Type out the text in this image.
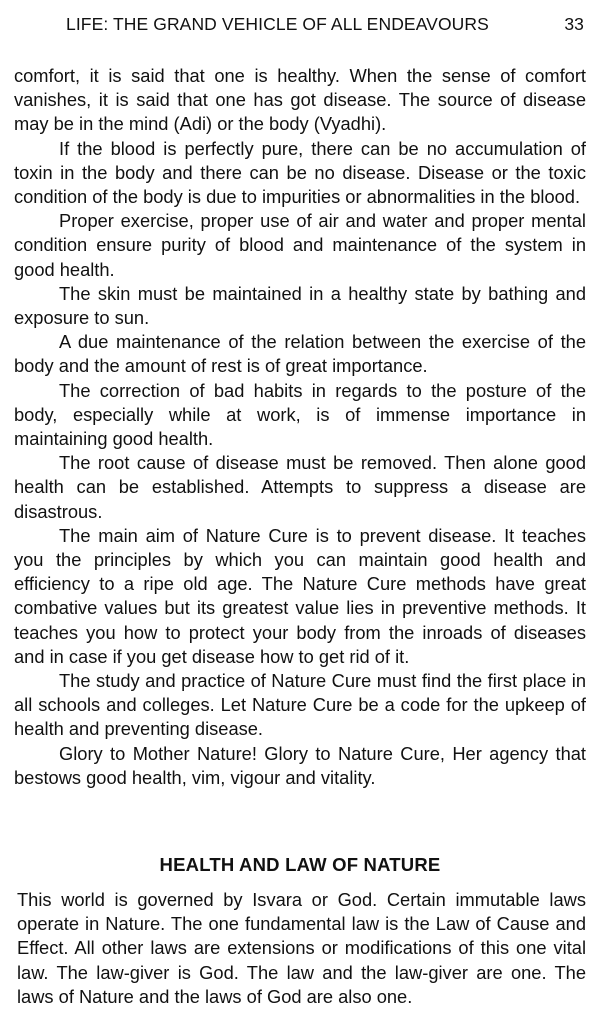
LIFE: THE GRAND VEHICLE OF ALL ENDEAVOURS	33

comfort, it is said that one is healthy. When the sense of comfort vanishes, it is said that one has got disease. The source of disease may be in the mind (Adi) or the body (Vyadhi).

If the blood is perfectly pure, there can be no accumulation of toxin in the body and there can be no disease. Disease or the toxic condition of the body is due to impurities or abnormalities in the blood.

Proper exercise, proper use of air and water and proper mental condition ensure purity of blood and maintenance of the system in good health.

The skin must be maintained in a healthy state by bathing and exposure to sun.

A due maintenance of the relation between the exercise of the body and the amount of rest is of great importance.

The correction of bad habits in regards to the posture of the body, especially while at work, is of immense importance in maintaining good health.

The root cause of disease must be removed. Then alone good health can be established. Attempts to suppress a disease are disastrous.

The main aim of Nature Cure is to prevent disease. It teaches you the principles by which you can maintain good health and efficiency to a ripe old age. The Nature Cure methods have great combative values but its greatest value lies in preventive methods. It teaches you how to protect your body from the inroads of diseases and in case if you get disease how to get rid of it.

The study and practice of Nature Cure must find the first place in all schools and colleges. Let Nature Cure be a code for the upkeep of health and preventing disease.

Glory to Mother Nature! Glory to Nature Cure, Her agency that bestows good health, vim, vigour and vitality.

HEALTH AND LAW OF NATURE

This world is governed by Isvara or God. Certain immutable laws operate in Nature. The one fundamental law is the Law of Cause and Effect. All other laws are extensions or modifications of this one vital law. The law-giver is God. The law and the law-giver are one. The laws of Nature and the laws of God are also one.
